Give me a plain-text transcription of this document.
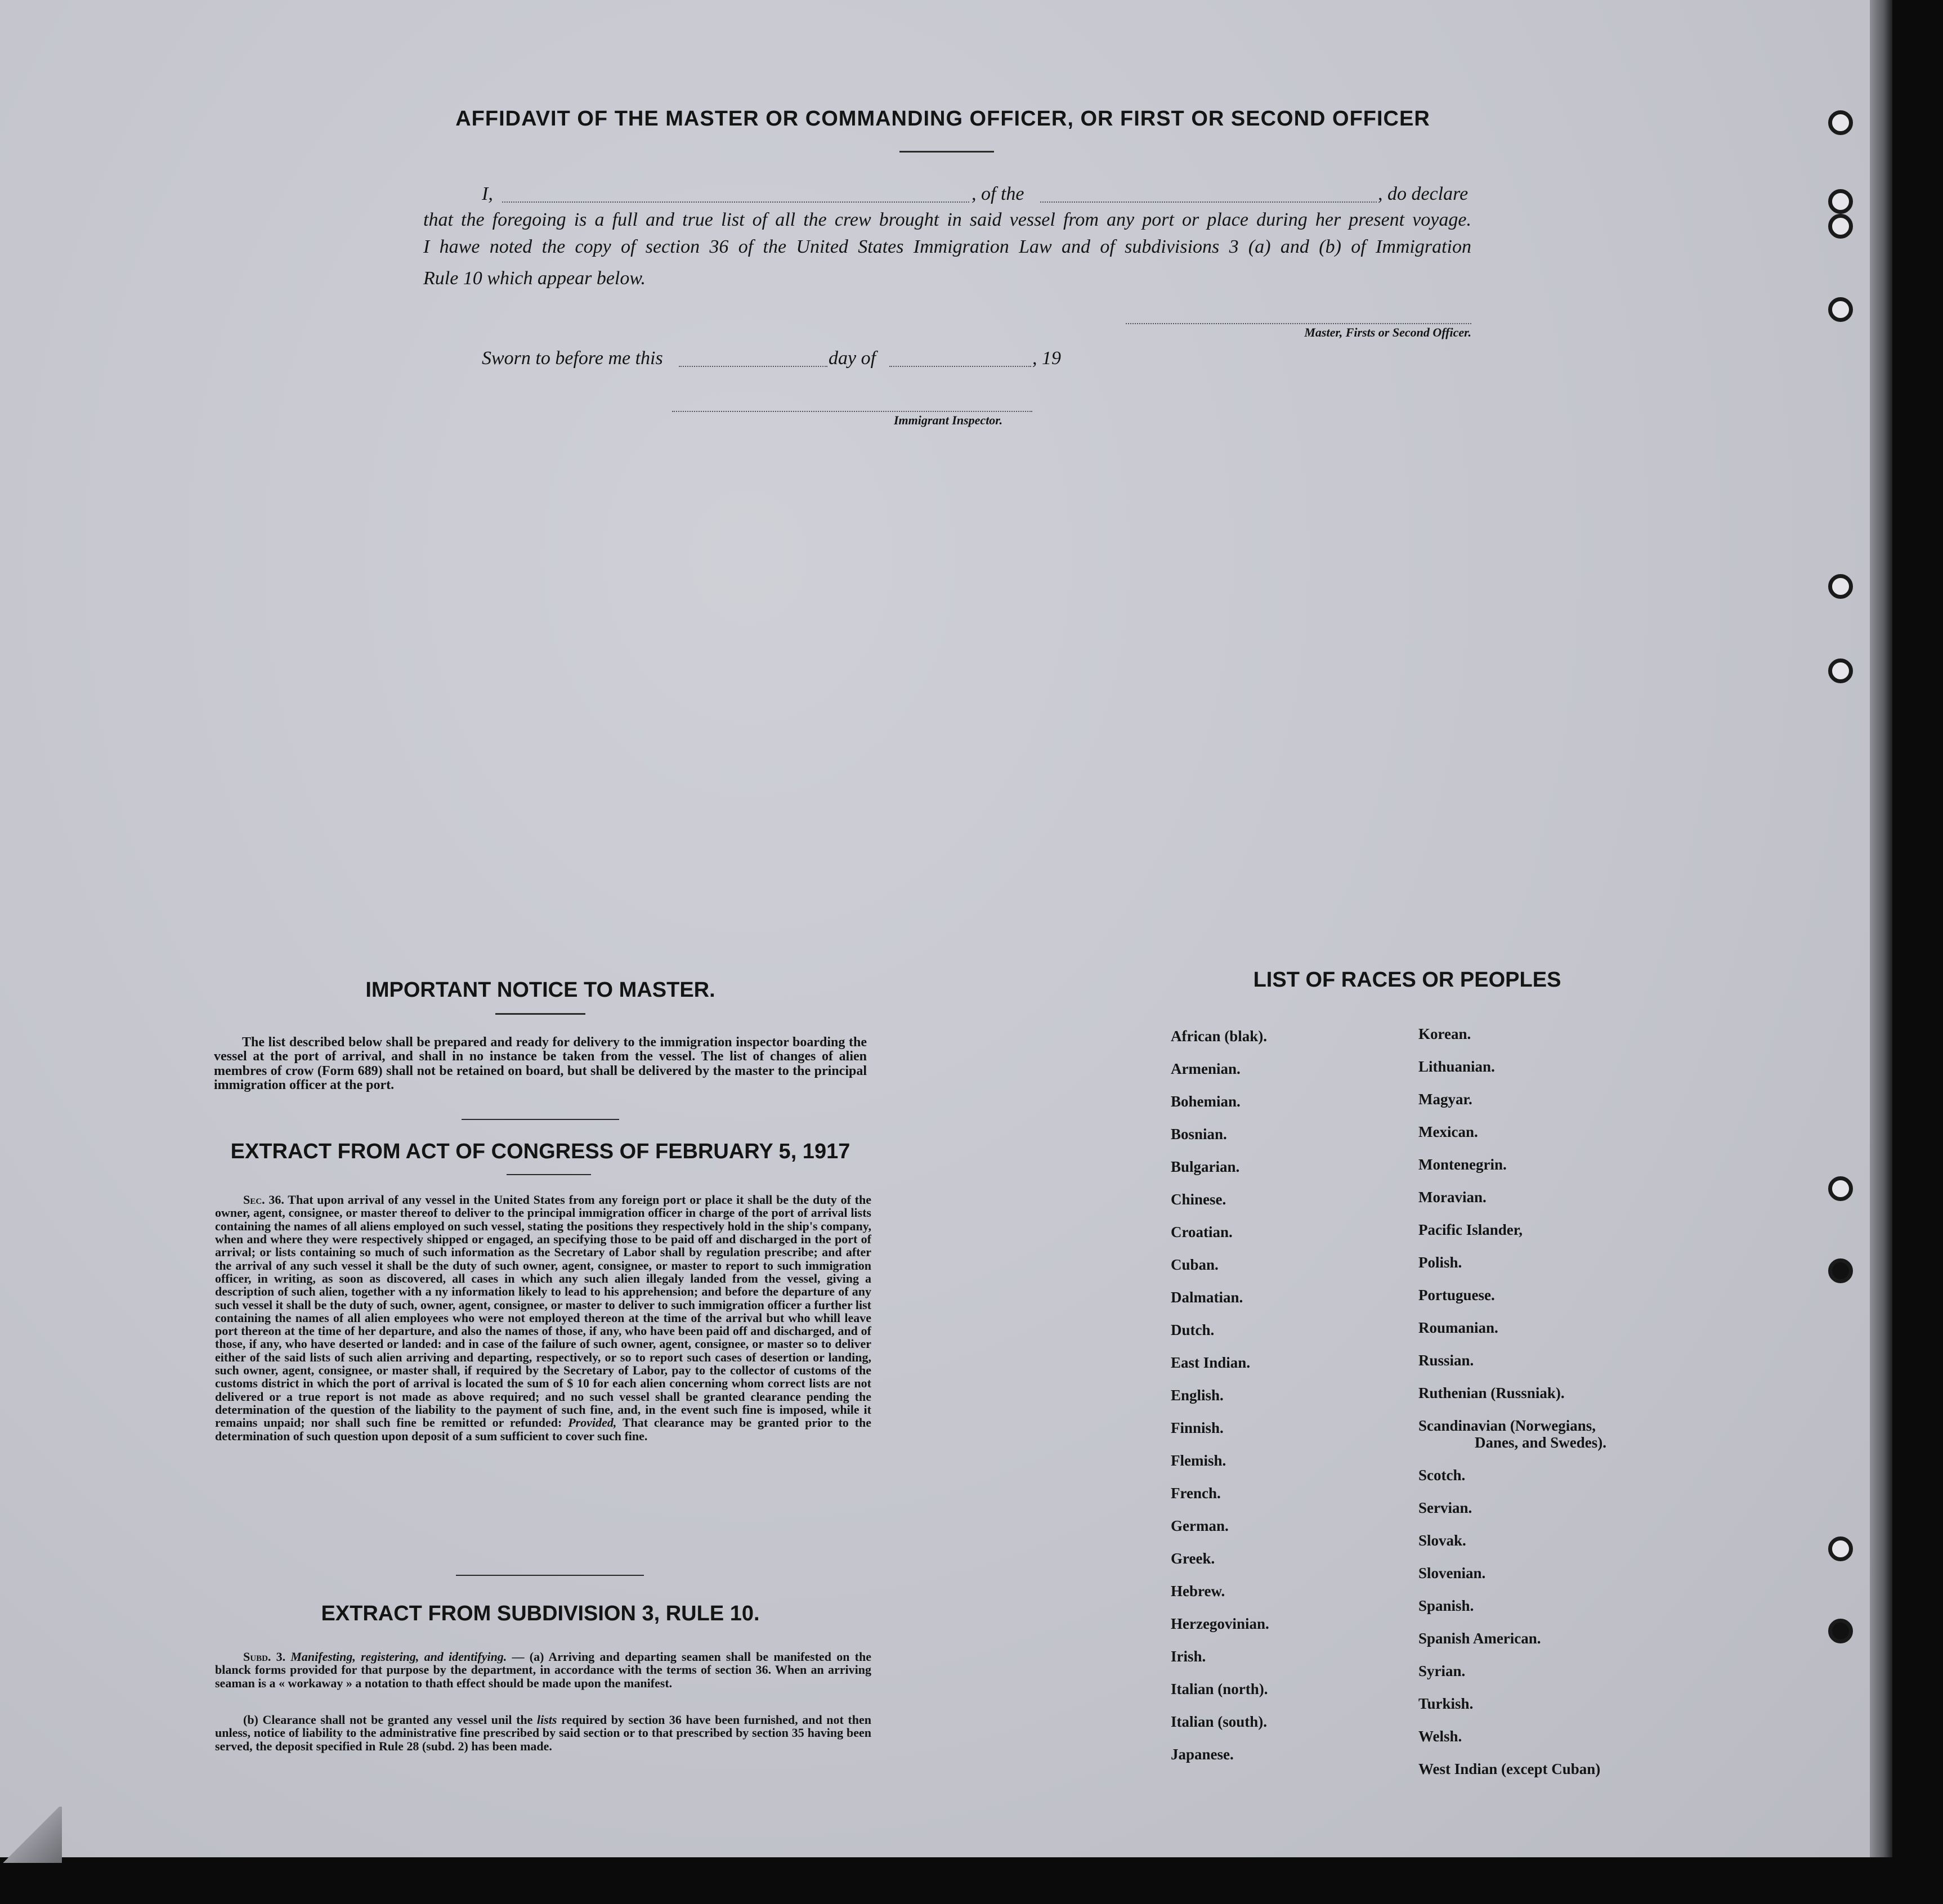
AFFIDAVIT OF THE MASTER OR COMMANDING OFFICER, OR FIRST OR SECOND OFFICER
I,	, of the	, do declare
that the foregoing is a full and true list of all the crew brought in said vessel from any port or place during her present voyage.
I hawe noted the copy of section 36 of the United States Immigration Law and of subdivisions 3 (a) and (b) of Immigration
Rule 10 which appear below.
Master, Firsts or Second Officer.
Sworn to before me this	day of	, 19
Immigrant Inspector.
IMPORTANT NOTICE TO MASTER.
The list described below shall be prepared and ready for delivery to the immigration inspector boarding the vessel at the port of arrival, and shall in no instance be taken from the vessel. The list of changes of alien membres of crow (Form 689) shall not be retained on board, but shall be delivered by the master to the principal immigration officer at the port.
EXTRACT FROM ACT OF CONGRESS OF FEBRUARY 5, 1917
Sec. 36. That upon arrival of any vessel in the United States from any foreign port or place it shall be the duty of the owner, agent, consignee, or master thereof to deliver to the principal immigration officer in charge of the port of arrival lists containing the names of all aliens employed on such vessel, stating the positions they respectively hold in the ship's company, when and where they were respectively shipped or engaged, an specifying those to be paid off and discharged in the port of arrival; or lists containing so much of such information as the Secretary of Labor shall by regulation prescribe; and after the arrival of any such vessel it shall be the duty of such owner, agent, consignee, or master to report to such immigration officer, in writing, as soon as discovered, all cases in which any such alien illegaly landed from the vessel, giving a description of such alien, together with a ny information likely to lead to his apprehension; and before the departure of any such vessel it shall be the duty of such, owner, agent, consignee, or master to deliver to such immigration officer a further list containing the names of all alien employees who were not employed thereon at the time of the arrival but who whill leave port thereon at the time of her departure, and also the names of those, if any, who have been paid off and discharged, and of those, if any, who have deserted or landed: and in case of the failure of such owner, agent, consignee, or master so to deliver either of the said lists of such alien arriving and departing, respectively, or so to report such cases of desertion or landing, such owner, agent, consignee, or master shall, if required by the Secretary of Labor, pay to the collector of customs of the customs district in which the port of arrival is located the sum of $ 10 for each alien concerning whom correct lists are not delivered or a true report is not made as above required; and no such vessel shall be granted clearance pending the determination of the question of the liability to the payment of such fine, and, in the event such fine is imposed, while it remains unpaid; nor shall such fine be remitted or refunded: Provided, That clearance may be granted prior to the determination of such question upon deposit of a sum sufficient to cover such fine.
EXTRACT FROM SUBDIVISION 3, RULE 10.
Subd. 3. Manifesting, registering, and identifying. — (a) Arriving and departing seamen shall be manifested on the blanck forms provided for that purpose by the department, in accordance with the terms of section 36. When an arriving seaman is a « workaway » a notation to thath effect should be made upon the manifest.
(b) Clearance shall not be granted any vessel unil the lists required by section 36 have been furnished, and not then unless, notice of liability to the administrative fine prescribed by said section or to that prescribed by section 35 having been served, the deposit specified in Rule 28 (subd. 2) has been made.
LIST OF RACES OR PEOPLES
African (blak).
Armenian.
Bohemian.
Bosnian.
Bulgarian.
Chinese.
Croatian.
Cuban.
Dalmatian.
Dutch.
East Indian.
English.
Finnish.
Flemish.
French.
German.
Greek.
Hebrew.
Herzegovinian.
Irish.
Italian (north).
Italian (south).
Japanese.
Korean.
Lithuanian.
Magyar.
Mexican.
Montenegrin.
Moravian.
Pacific Islander,
Polish.
Portuguese.
Roumanian.
Russian.
Ruthenian (Russniak).
Scandinavian (Norwegians,
Danes, and Swedes).
Scotch.
Servian.
Slovak.
Slovenian.
Spanish.
Spanish American.
Syrian.
Turkish.
Welsh.
West Indian (except Cuban)
